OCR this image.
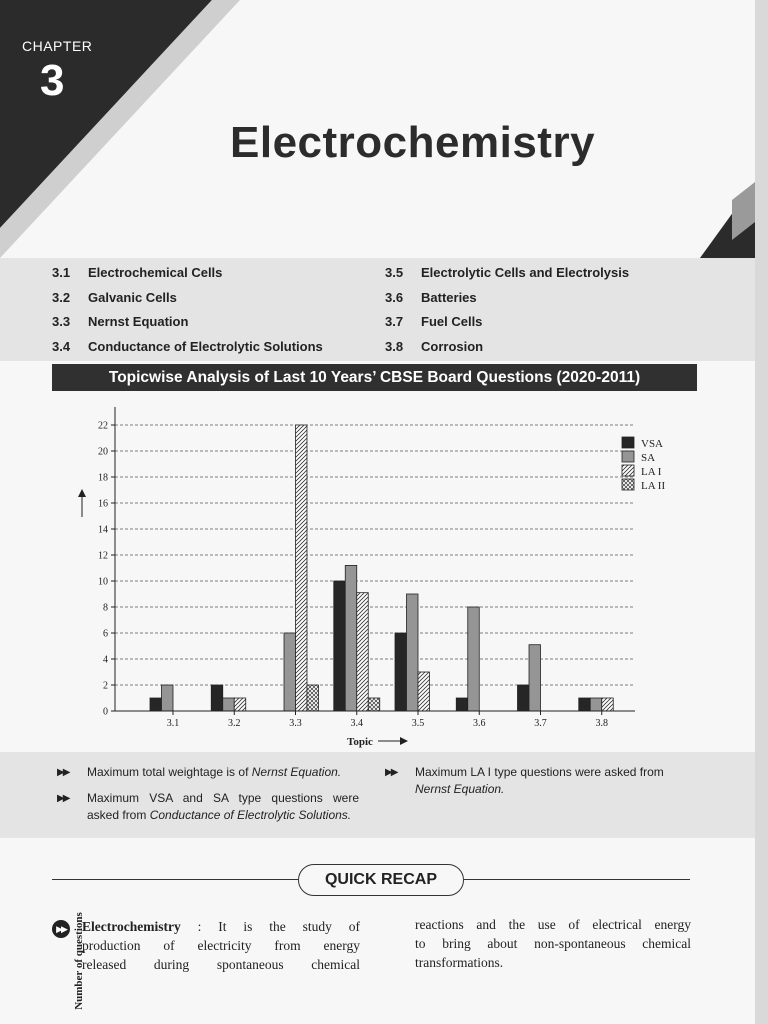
CHAPTER
3
Electrochemistry
3.1 Electrochemical Cells
3.2 Galvanic Cells
3.3 Nernst Equation
3.4 Conductance of Electrolytic Solutions
3.5 Electrolytic Cells and Electrolysis
3.6 Batteries
3.7 Fuel Cells
3.8 Corrosion
Topicwise Analysis of Last 10 Years’ CBSE Board Questions (2020-2011)
0
2
4
6
8
10
12
14
16
18
20
22
3.1	3.2	3.3	3.4	3.5	3.6	3.7	3.8
VSA
SA
LA I
LA II
Number of questions
Topic
▶▶ Maximum total weightage is of Nernst Equation.
▶▶ Maximum VSA and SA type questions were
asked from Conductance of Electrolytic Solutions.
▶▶ Maximum LA I type questions were asked from
Nernst Equation.
QUICK RECAP
▶▶	Electrochemistry : It is the study of
production of electricity from energy
released during spontaneous chemical
reactions and the use of electrical energy
to bring about non-spontaneous chemical
transformations.
